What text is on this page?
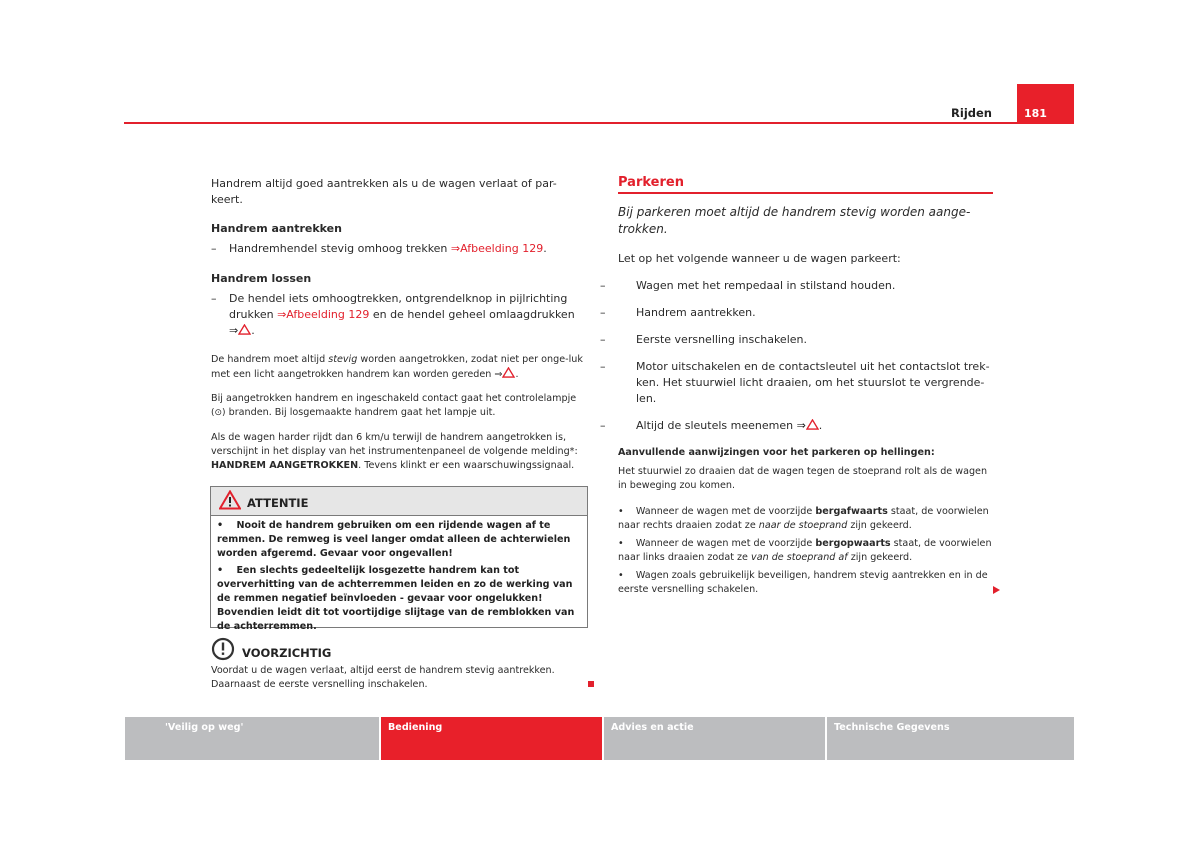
Rijden	181
Handrem altijd goed aantrekken als u de wagen verlaat of par-keert.
Handrem aantrekken
– Handremhendel stevig omhoog trekken ⇒Afbeelding 129.
Handrem lossen
– De hendel iets omhoogtrekken, ontgrendelknop in pijlrichting
drukken ⇒Afbeelding 129 en de hendel geheel omlaagdrukken
⇒ .
De handrem moet altijd stevig worden aangetrokken, zodat niet per onge-luk met een licht aangetrokken handrem kan worden gereden ⇒ .
Bij aangetrokken handrem en ingeschakeld contact gaat het controlelampje
(⊙) branden. Bij losgemaakte handrem gaat het lampje uit.
Als de wagen harder rijdt dan 6 km/u terwijl de handrem aangetrokken is, verschijnt in het display van het instrumentenpaneel de volgende melding*: HANDREM AANGETROKKEN. Tevens klinkt er een waarschuwingssignaal.
ATTENTIE
•    Nooit de handrem gebruiken om een rijdende wagen af te remmen. De remweg is veel langer omdat alleen de achterwielen worden afgeremd. Gevaar voor ongevallen!
•    Een slechts gedeeltelijk losgezette handrem kan tot oververhitting van de achterremmen leiden en zo de werking van de remmen negatief beïnvloeden - gevaar voor ongelukken! Bovendien leidt dit tot voortijdige slijtage van de remblokken van de achterremmen.
VOORZICHTIG
Voordat u de wagen verlaat, altijd eerst de handrem stevig aantrekken.
Daarnaast de eerste versnelling inschakelen.
Parkeren
Bij parkeren moet altijd de handrem stevig worden aange-trokken.
Let op het volgende wanneer u de wagen parkeert:
–	Wagen met het rempedaal in stilstand houden.
–	Handrem aantrekken.
–	Eerste versnelling inschakelen.
–	Motor uitschakelen en de contactsleutel uit het contactslot trek-ken. Het stuurwiel licht draaien, om het stuurslot te vergrende-len.
–	Altijd de sleutels meenemen ⇒ .
Aanvullende aanwijzingen voor het parkeren op hellingen:
Het stuurwiel zo draaien dat de wagen tegen de stoeprand rolt als de wagen in beweging zou komen.
•    Wanneer de wagen met de voorzijde bergafwaarts staat, de voorwielen naar rechts draaien zodat ze naar de stoeprand zijn gekeerd.
•    Wanneer de wagen met de voorzijde bergopwaarts staat, de voorwielen naar links draaien zodat ze van de stoeprand af zijn gekeerd.
•    Wagen zoals gebruikelijk beveiligen, handrem stevig aantrekken en in de eerste versnelling schakelen.
'Veilig op weg'	Bediening	Advies en actie	Technische Gegevens
